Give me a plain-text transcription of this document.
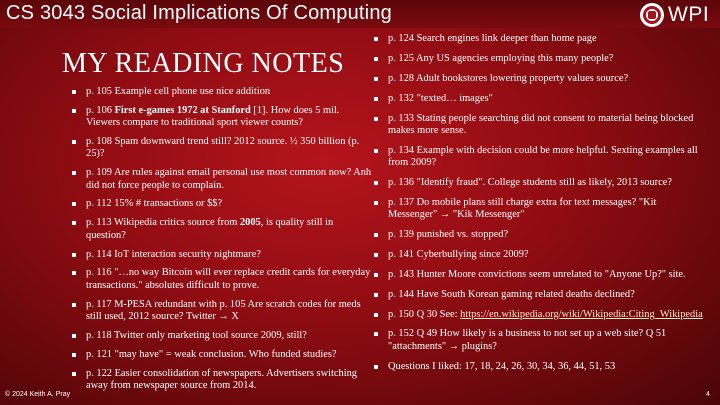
CS 3043 Social Implications Of Computing	WPI
MY READING NOTES
p. 105 Example cell phone use nice addition
p. 106 First e-games 1972 at Stanford [1]. How does 5 mil. Viewers compare to traditional sport viewer counts?
p. 108 Spam downward trend still? 2012 source. ½ 350 billion (p. 25)?
p. 109 Are rules against email personal use most common now? Anh did not force people to complain.
p. 112 15% # transactions or $$?
p. 113 Wikipedia critics source from 2005, is quality still in question?
p. 114 IoT interaction security nightmare?
p. 116 "…no way Bitcoin will ever replace credit cards for everyday transactions." absolutes difficult to prove.
p. 117 M-PESA redundant with p. 105 Are scratch codes for meds still used, 2012 source? Twitter → X
p. 118 Twitter only marketing tool source 2009, still?
p. 121 "may have" = weak conclusion. Who funded studies?
p. 122 Easier consolidation of newspapers. Advertisers switching away from newspaper source from 2014.
p. 124 Search engines link deeper than home page
p. 125 Any US agencies employing this many people?
p. 128 Adult bookstores lowering property values source?
p. 132 "texted… images"
p. 133 Stating people searching did not consent to material being blocked makes more sense.
p. 134 Example with decision could be more helpful. Sexting examples all from 2009?
p. 136 "Identify fraud". College students still as likely, 2013 source?
p. 137 Do mobile plans still charge extra for text messages? "Kit Messenger" → "Kik Messenger"
p. 139 punished vs. stopped?
p. 141 Cyberbullying since 2009?
p. 143 Hunter Moore convictions seem unrelated to "Anyone Up?" site.
p. 144 Have South Korean gaming related deaths declined?
p. 150 Q 30 See: https://en.wikipedia.org/wiki/Wikipedia:Citing_Wikipedia
p. 152 Q 49 How likely is a business to not set up a web site? Q 51 "attachments" → plugins?
Questions I liked: 17, 18, 24, 26, 30, 34, 36, 44, 51, 53
© 2024 Keith A. Pray	4
